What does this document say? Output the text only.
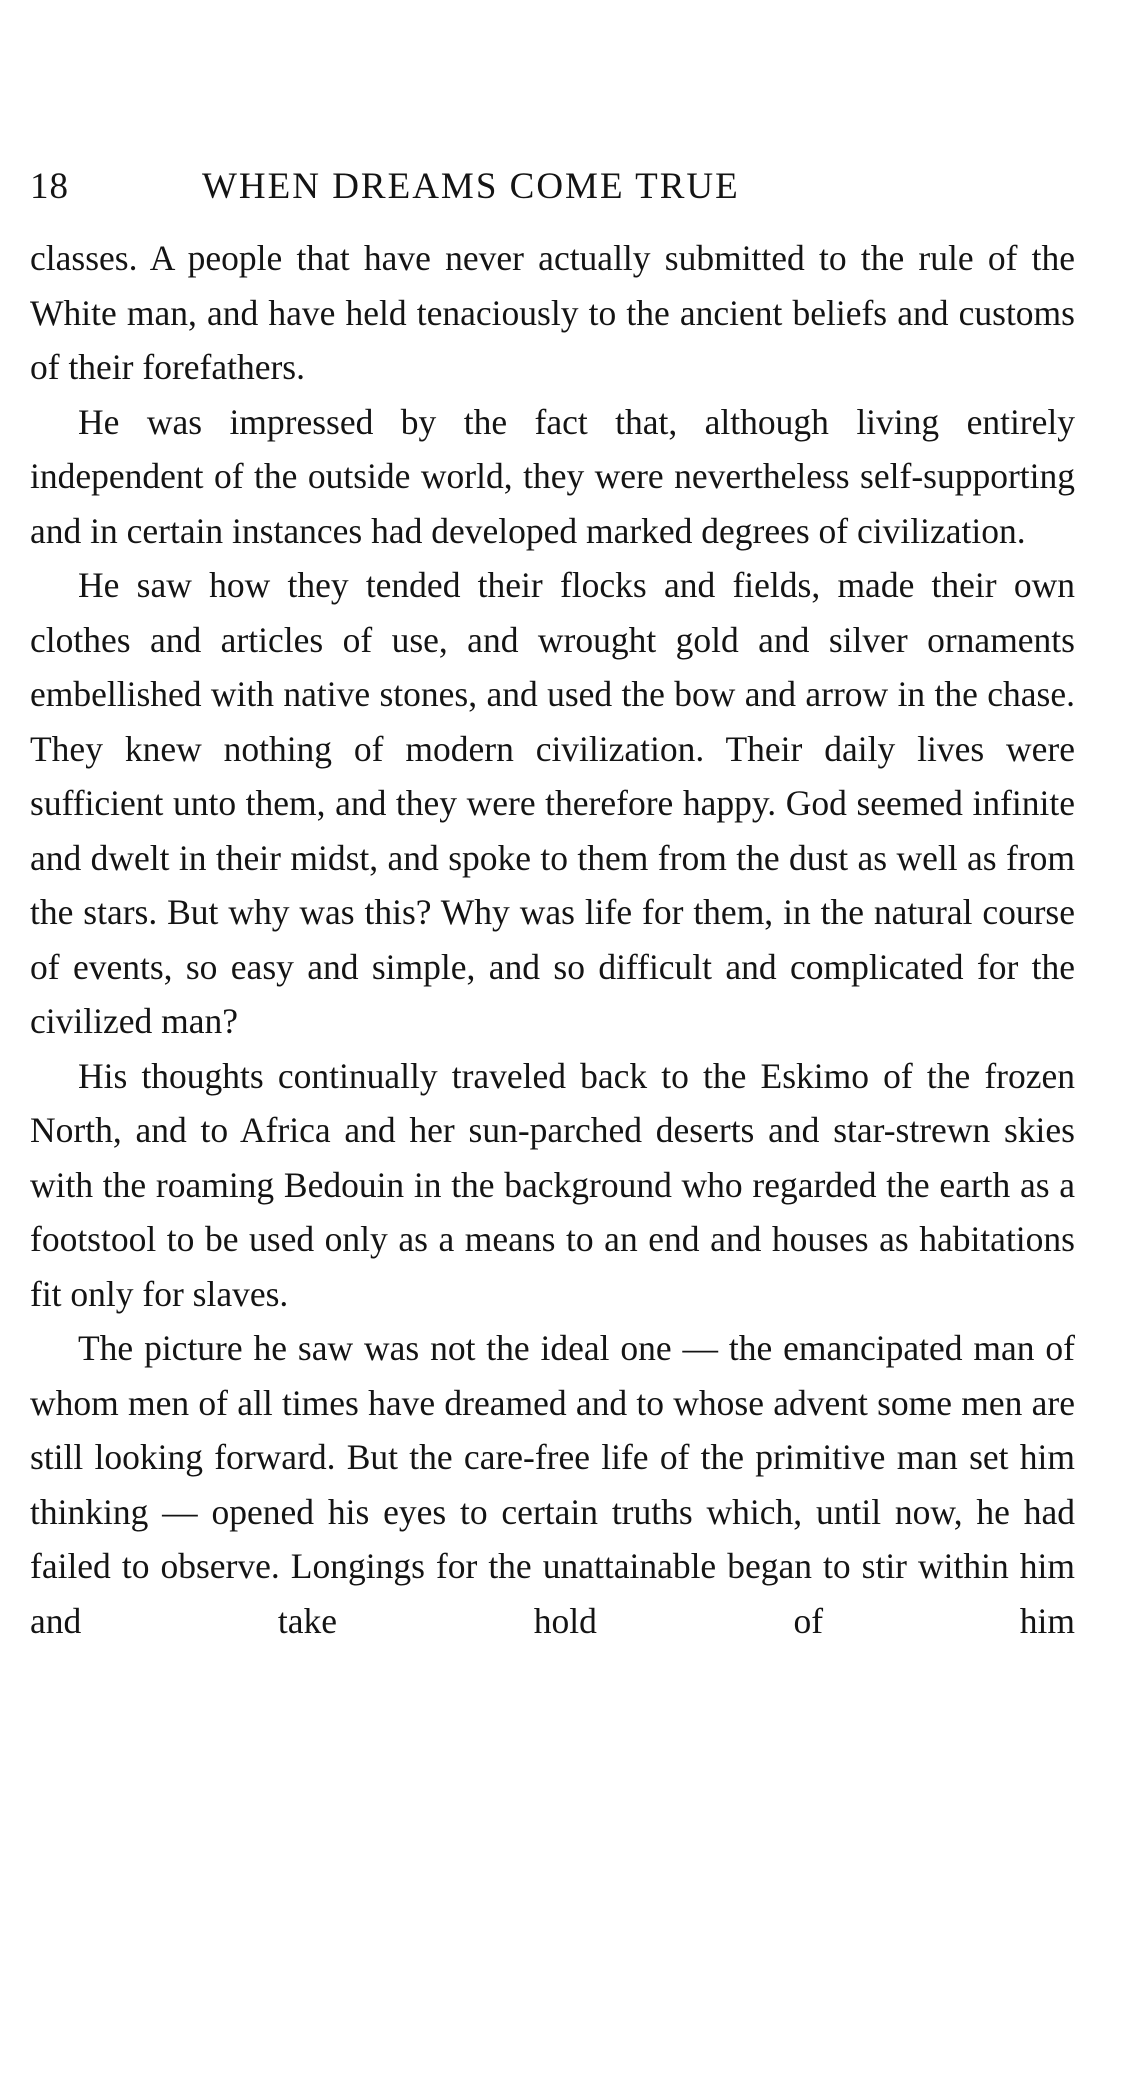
18	WHEN DREAMS COME TRUE

classes. A people that have never actually submitted to the rule of the White man, and have held tenaciously to the ancient beliefs and customs of their forefathers.

He was impressed by the fact that, although living entirely independent of the outside world, they were nevertheless self-supporting and in certain instances had developed marked degrees of civilization.

He saw how they tended their flocks and fields, made their own clothes and articles of use, and wrought gold and silver ornaments embellished with native stones, and used the bow and arrow in the chase. They knew nothing of modern civilization. Their daily lives were sufficient unto them, and they were therefore happy. God seemed infinite and dwelt in their midst, and spoke to them from the dust as well as from the stars. But why was this? Why was life for them, in the natural course of events, so easy and simple, and so difficult and complicated for the civilized man?

His thoughts continually traveled back to the Eskimo of the frozen North, and to Africa and her sun-parched deserts and star-strewn skies with the roaming Bedouin in the background who regarded the earth as a footstool to be used only as a means to an end and houses as habitations fit only for slaves.

The picture he saw was not the ideal one — the emancipated man of whom men of all times have dreamed and to whose advent some men are still looking forward. But the care-free life of the primitive man set him thinking — opened his eyes to certain truths which, until now, he had failed to observe. Longings for the unattainable began to stir within him and take hold of him
